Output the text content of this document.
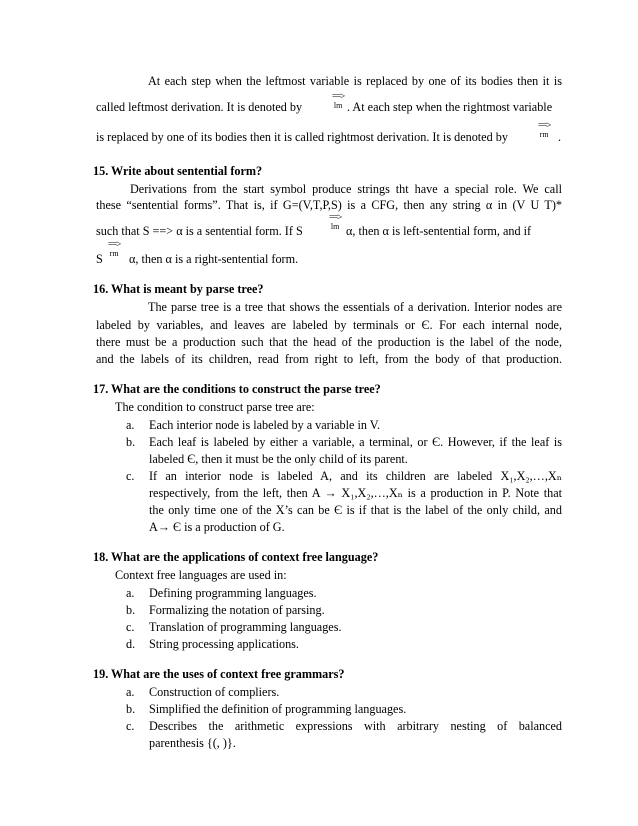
At each step when the leftmost variable is replaced by one of its bodies then it is
called leftmost derivation. It is denoted by
==>
lm . At each step when the rightmost variable
is replaced by one of its bodies then it is called rightmost derivation. It is denoted by
==>
rm .
15. Write about sentential form?
Derivations from the start symbol produce strings tht have a special role. We call
these “sentential forms”. That is, if G=(V,T,P,S) is a CFG, then any string α in (V U T)*
such that S ==> α is a sentential form. If S
==>
lm α, then α is left-sentential form, and if
S
==>
rm α, then α is a right-sentential form.
16. What is meant by parse tree?
The parse tree is a tree that shows the essentials of a derivation. Interior nodes are
labeled by variables, and leaves are labeled by terminals or Є. For each internal node,
there must be a production such that the head of the production is the label of the node,
and the labels of its children, read from right to left, from the body of that production.
17. What are the conditions to construct the parse tree?
The condition to construct parse tree are:
a. Each interior node is labeled by a variable in V.
b. Each leaf is labeled by either a variable, a terminal, or Є. However, if the leaf is
labeled Є, then it must be the only child of its parent.
c. If an interior node is labeled A, and its children are labeled X₁,X₂,…,Xₙ
respectively, from the left, then A → X₁,X₂,…,Xₙ is a production in P. Note that
the only time one of the X’s can be Є is if that is the label of the only child, and
A→ Є is a production of G.
18. What are the applications of context free language?
Context free languages are used in:
a. Defining programming languages.
b. Formalizing the notation of parsing.
c. Translation of programming languages.
d. String processing applications.
19. What are the uses of context free grammars?
a. Construction of compliers.
b. Simplified the definition of programming languages.
c. Describes the arithmetic expressions with arbitrary nesting of balanced
parenthesis {(, )}.
